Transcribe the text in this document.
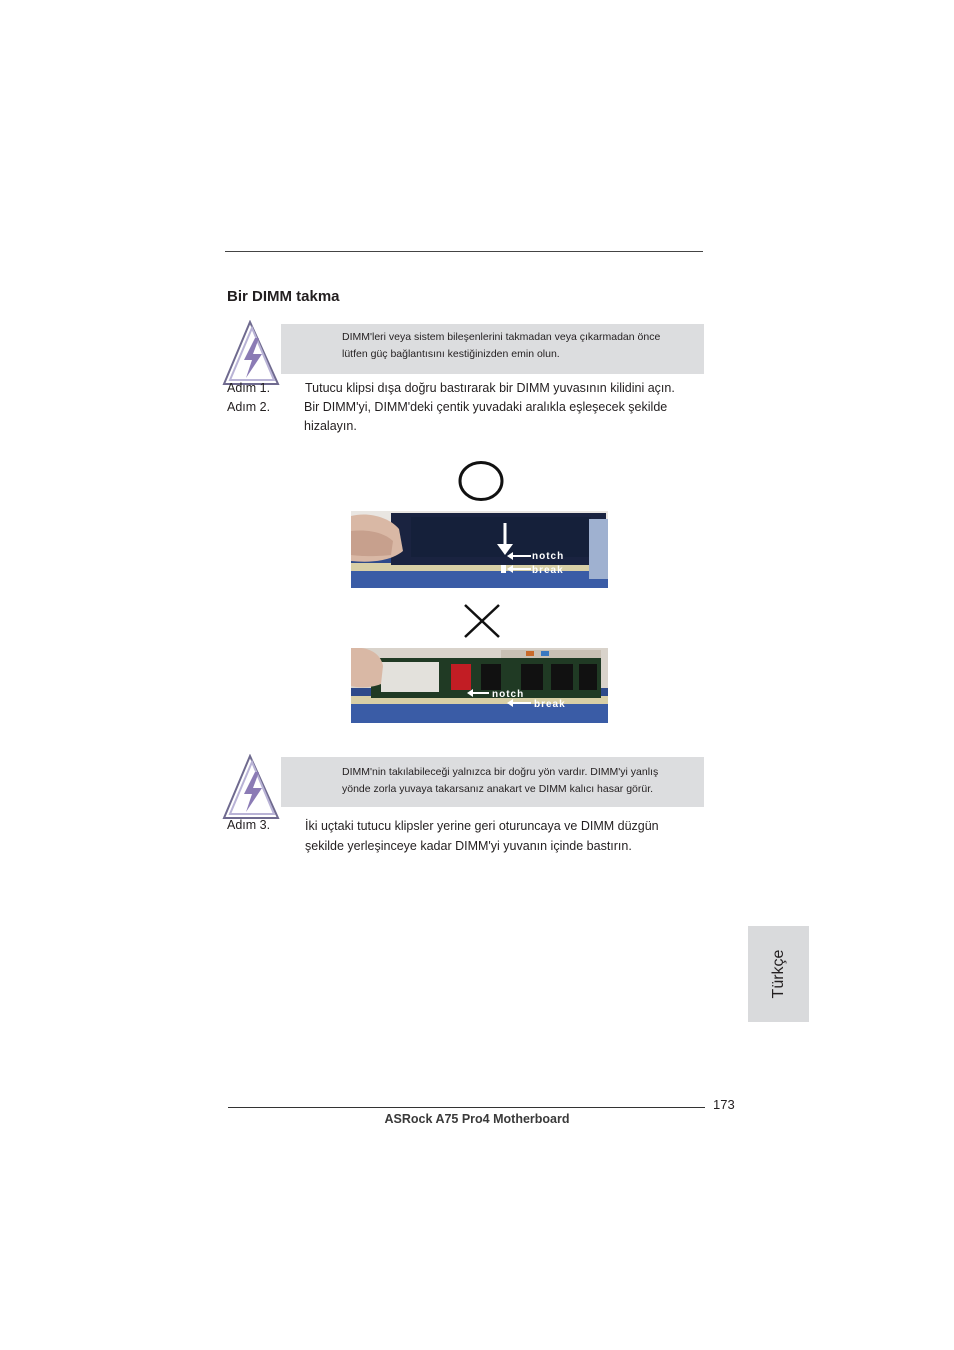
Bir DIMM takma
DIMM'leri veya sistem bileşenlerini takmadan veya çıkarmadan önce
lütfen güç bağlantısını kestiğinizden emin olun.
Adım 1.	Tutucu klipsi dışa doğru bastırarak bir DIMM yuvasının kilidini açın.
Adım 2.	Bir DIMM'yi, DIMM'deki çentik yuvadaki aralıkla eşleşecek şekilde
hizalayın.
notch
break
notch
break
DIMM'nin takılabileceği yalnızca bir doğru yön vardır. DIMM'yi yanlış
yönde zorla yuvaya takarsanız anakart ve DIMM kalıcı hasar görür.
Adım 3.	İki uçtaki tutucu klipsler yerine geri oturuncaya ve DIMM düzgün
şekilde yerleşinceye kadar DIMM'yi yuvanın içinde bastırın.
Türkçe
173
ASRock A75 Pro4 Motherboard
